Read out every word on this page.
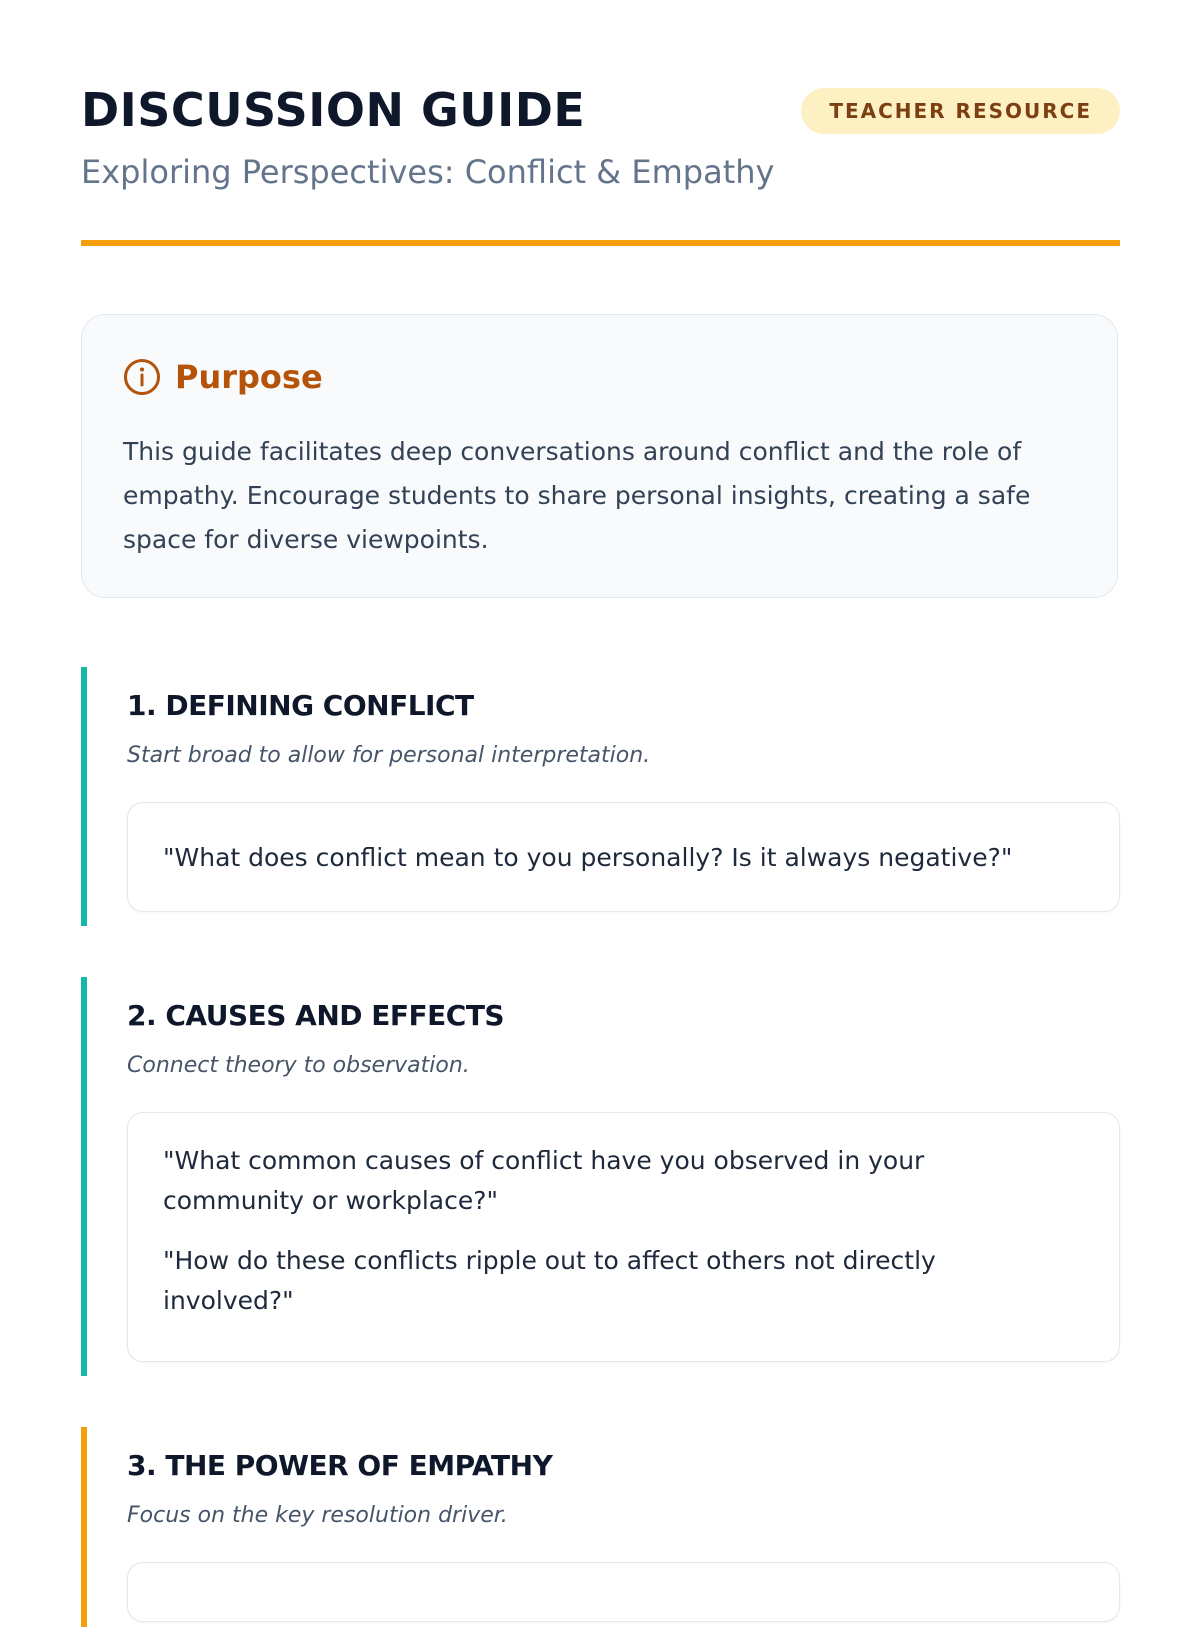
DISCUSSION GUIDE	TEACHER RESOURCE

Exploring Perspectives: Conflict & Empathy

Purpose

This guide facilitates deep conversations around conflict and the role of empathy. Encourage students to share personal insights, creating a safe space for diverse viewpoints.

1. DEFINING CONFLICT

Start broad to allow for personal interpretation.

"What does conflict mean to you personally? Is it always negative?"

2. CAUSES AND EFFECTS

Connect theory to observation.

"What common causes of conflict have you observed in your community or workplace?"

"How do these conflicts ripple out to affect others not directly involved?"

3. THE POWER OF EMPATHY

Focus on the key resolution driver.
